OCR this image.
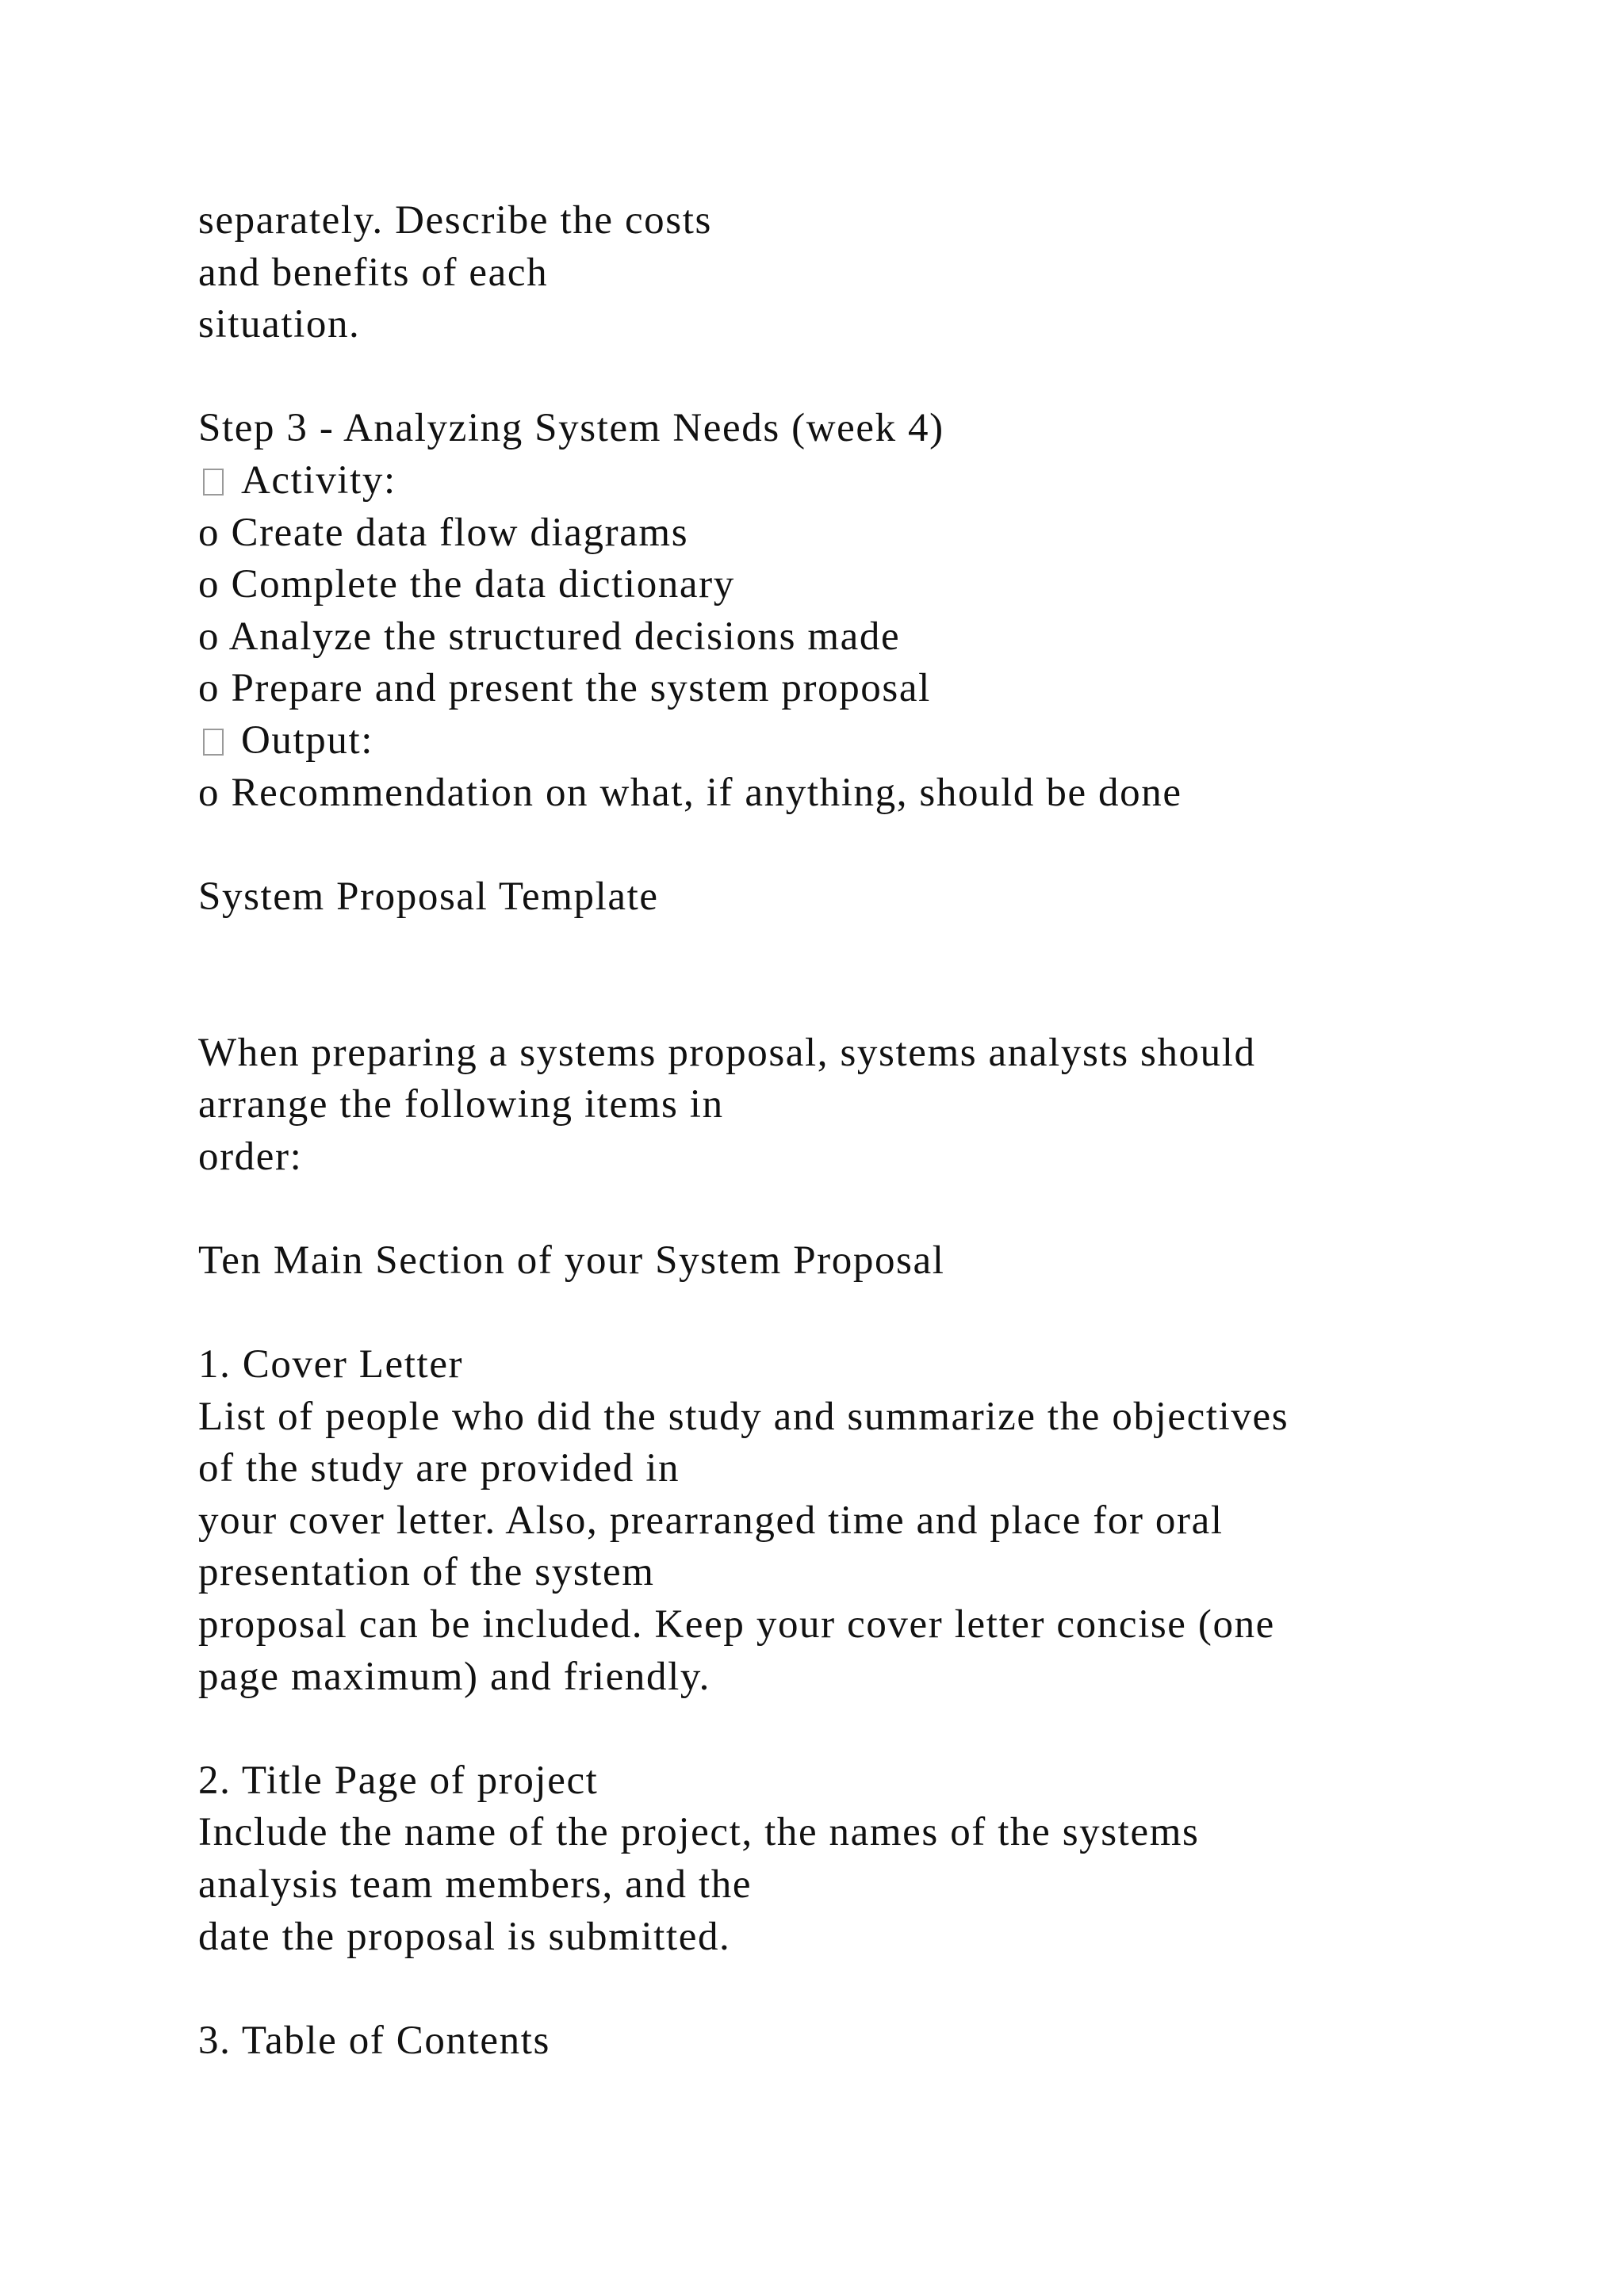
separately. Describe the costs
and benefits of each
situation.
Step 3 - Analyzing System Needs (week 4)
Activity:
o Create data flow diagrams
o Complete the data dictionary
o Analyze the structured decisions made
o Prepare and present the system proposal
Output:
o Recommendation on what, if anything, should be done
System Proposal Template
When preparing a systems proposal, systems analysts should
arrange the following items in
order:
Ten Main Section of your System Proposal
1. Cover Letter
List of people who did the study and summarize the objectives
of the study are provided in
your cover letter. Also, prearranged time and place for oral
presentation of the system
proposal can be included. Keep your cover letter concise (one
page maximum) and friendly.
2. Title Page of project
Include the name of the project, the names of the systems
analysis team members, and the
date the proposal is submitted.
3. Table of Contents
